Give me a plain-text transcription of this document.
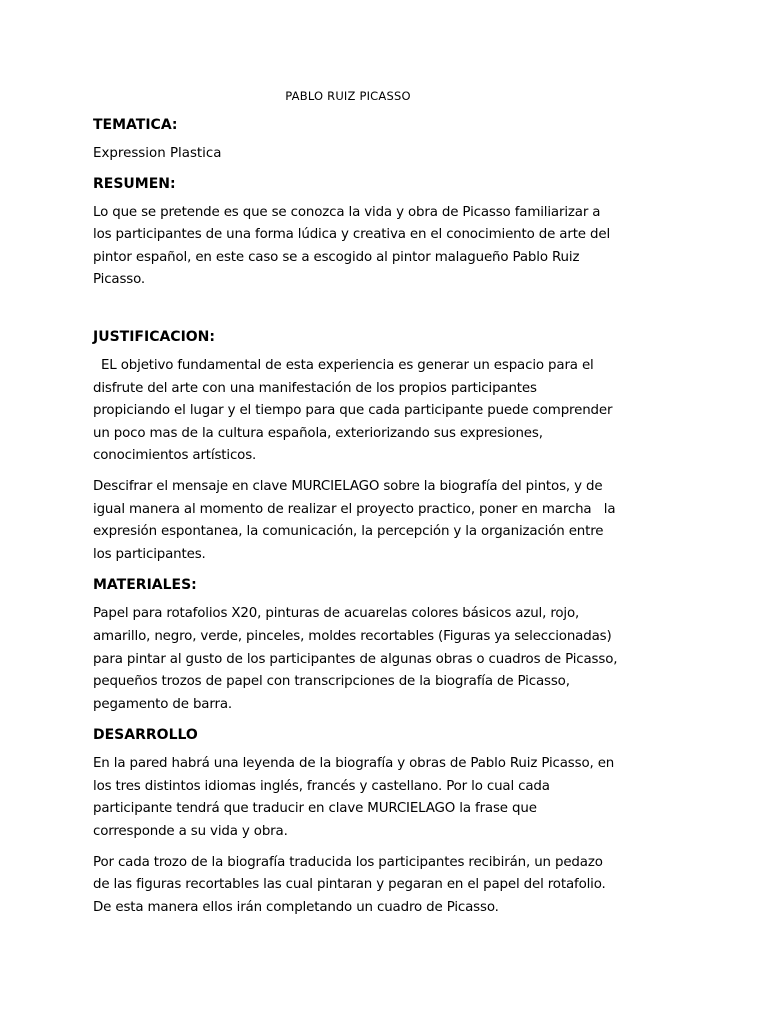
PABLO RUIZ PICASSO

TEMATICA:

Expression Plastica

RESUMEN:

Lo que se pretende es que se conozca la vida y obra de Picasso familiarizar a

los participantes de una forma lúdica y creativa en el conocimiento de arte del

pintor español, en este caso se a escogido al pintor malagueño Pablo Ruiz

Picasso.

JUSTIFICACION:

EL objetivo fundamental de esta experiencia es generar un espacio para el

disfrute del arte con una manifestación de los propios participantes

propiciando el lugar y el tiempo para que cada participante puede comprender

un poco mas de la cultura española, exteriorizando sus expresiones,

conocimientos artísticos.

Descifrar el mensaje en clave MURCIELAGO sobre la biografía del pintos, y de

igual manera al momento de realizar el proyecto practico, poner en marcha   la

expresión espontanea, la comunicación, la percepción y la organización entre

los participantes.

MATERIALES:

Papel para rotafolios X20, pinturas de acuarelas colores básicos azul, rojo,

amarillo, negro, verde, pinceles, moldes recortables (Figuras ya seleccionadas)

para pintar al gusto de los participantes de algunas obras o cuadros de Picasso,

pequeños trozos de papel con transcripciones de la biografía de Picasso,

pegamento de barra.

DESARROLLO

En la pared habrá una leyenda de la biografía y obras de Pablo Ruiz Picasso, en

los tres distintos idiomas inglés, francés y castellano. Por lo cual cada

participante tendrá que traducir en clave MURCIELAGO la frase que

corresponde a su vida y obra.

Por cada trozo de la biografía traducida los participantes recibirán, un pedazo

de las figuras recortables las cual pintaran y pegaran en el papel del rotafolio.

De esta manera ellos irán completando un cuadro de Picasso.
